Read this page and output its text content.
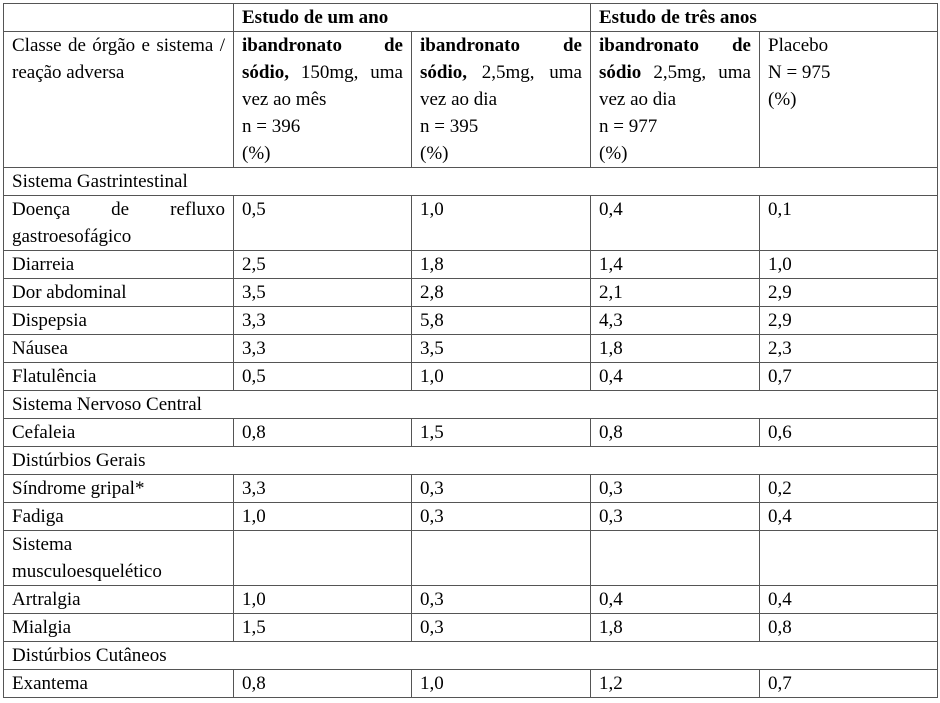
	Estudo de um ano		Estudo de três anos	
Classe de órgão e sistema / reação adversa	ibandronato de sódio, 150mg, uma vez ao mês
n = 396
(%)	ibandronato de sódio, 2,5mg, uma vez ao dia
n = 395
(%)	ibandronato de sódio 2,5mg, uma vez ao dia
n = 977
(%)	Placebo
N = 975
(%)
Sistema Gastrintestinal				
Doença de refluxo gastroesofágico	0,5	1,0	0,4	0,1
Diarreia	2,5	1,8	1,4	1,0
Dor abdominal	3,5	2,8	2,1	2,9
Dispepsia	3,3	5,8	4,3	2,9
Náusea	3,3	3,5	1,8	2,3
Flatulência	0,5	1,0	0,4	0,7
Sistema Nervoso Central				
Cefaleia	0,8	1,5	0,8	0,6
Distúrbios Gerais				
Síndrome gripal*	3,3	0,3	0,3	0,2
Fadiga	1,0	0,3	0,3	0,4
Sistema musculoesquelético				
Artralgia	1,0	0,3	0,4	0,4
Mialgia	1,5	0,3	1,8	0,8
Distúrbios Cutâneos				
Exantema	0,8	1,0	1,2	0,7
